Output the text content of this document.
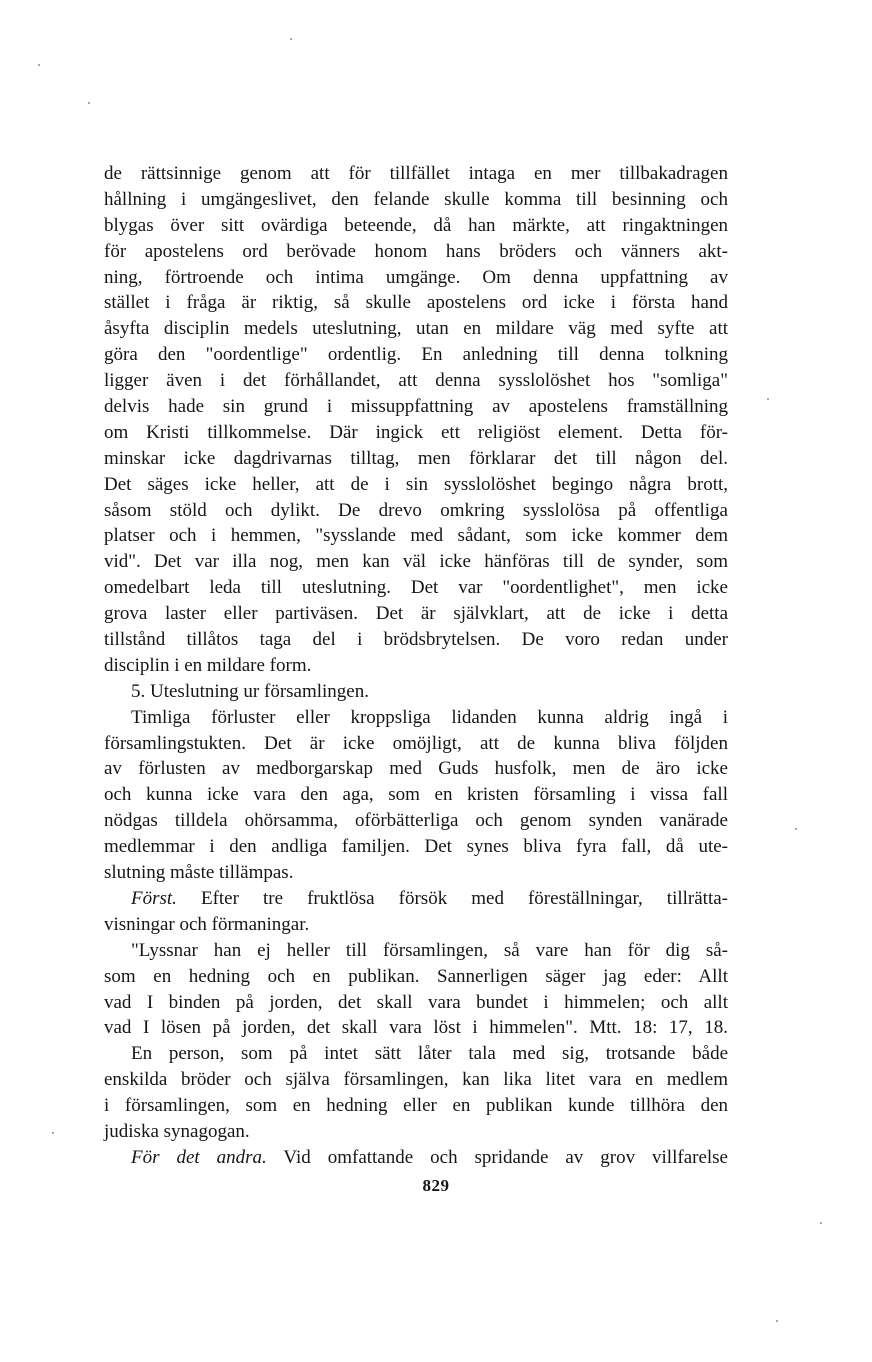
de rättsinnige genom att för tillfället intaga en mer tillbakadragen
hållning i umgängeslivet, den felande skulle komma till besinning och
blygas över sitt ovärdiga beteende, då han märkte, att ringaktningen
för apostelens ord berövade honom hans bröders och vänners akt-
ning, förtroende och intima umgänge. Om denna uppfattning av
stället i fråga är riktig, så skulle apostelens ord icke i första hand
åsyfta disciplin medels uteslutning, utan en mildare väg med syfte att
göra den "oordentlige" ordentlig. En anledning till denna tolkning
ligger även i det förhållandet, att denna sysslolöshet hos "somliga"
delvis hade sin grund i missuppfattning av apostelens framställning
om Kristi tillkommelse. Där ingick ett religiöst element. Detta för-
minskar icke dagdrivarnas tilltag, men förklarar det till någon del.
Det säges icke heller, att de i sin sysslolöshet begingo några brott,
såsom stöld och dylikt. De drevo omkring sysslolösa på offentliga
platser och i hemmen, "sysslande med sådant, som icke kommer dem
vid". Det var illa nog, men kan väl icke hänföras till de synder, som
omedelbart leda till uteslutning. Det var "oordentlighet", men icke
grova laster eller partiväsen. Det är självklart, att de icke i detta
tillstånd tillåtos taga del i brödsbrytelsen. De voro redan under
disciplin i en mildare form.
5. Uteslutning ur församlingen.
Timliga förluster eller kroppsliga lidanden kunna aldrig ingå i
församlingstukten. Det är icke omöjligt, att de kunna bliva följden
av förlusten av medborgarskap med Guds husfolk, men de äro icke
och kunna icke vara den aga, som en kristen församling i vissa fall
nödgas tilldela ohörsamma, oförbätterliga och genom synden vanärade
medlemmar i den andliga familjen. Det synes bliva fyra fall, då ute-
slutning måste tillämpas.
Först. Efter tre fruktlösa försök med föreställningar, tillrätta-
visningar och förmaningar.
"Lyssnar han ej heller till församlingen, så vare han för dig så-
som en hedning och en publikan. Sannerligen säger jag eder: Allt
vad I binden på jorden, det skall vara bundet i himmelen; och allt
vad I lösen på jorden, det skall vara löst i himmelen". Mtt. 18: 17, 18.
En person, som på intet sätt låter tala med sig, trotsande både
enskilda bröder och själva församlingen, kan lika litet vara en medlem
i församlingen, som en hedning eller en publikan kunde tillhöra den
judiska synagogan.
För det andra. Vid omfattande och spridande av grov villfarelse
829
